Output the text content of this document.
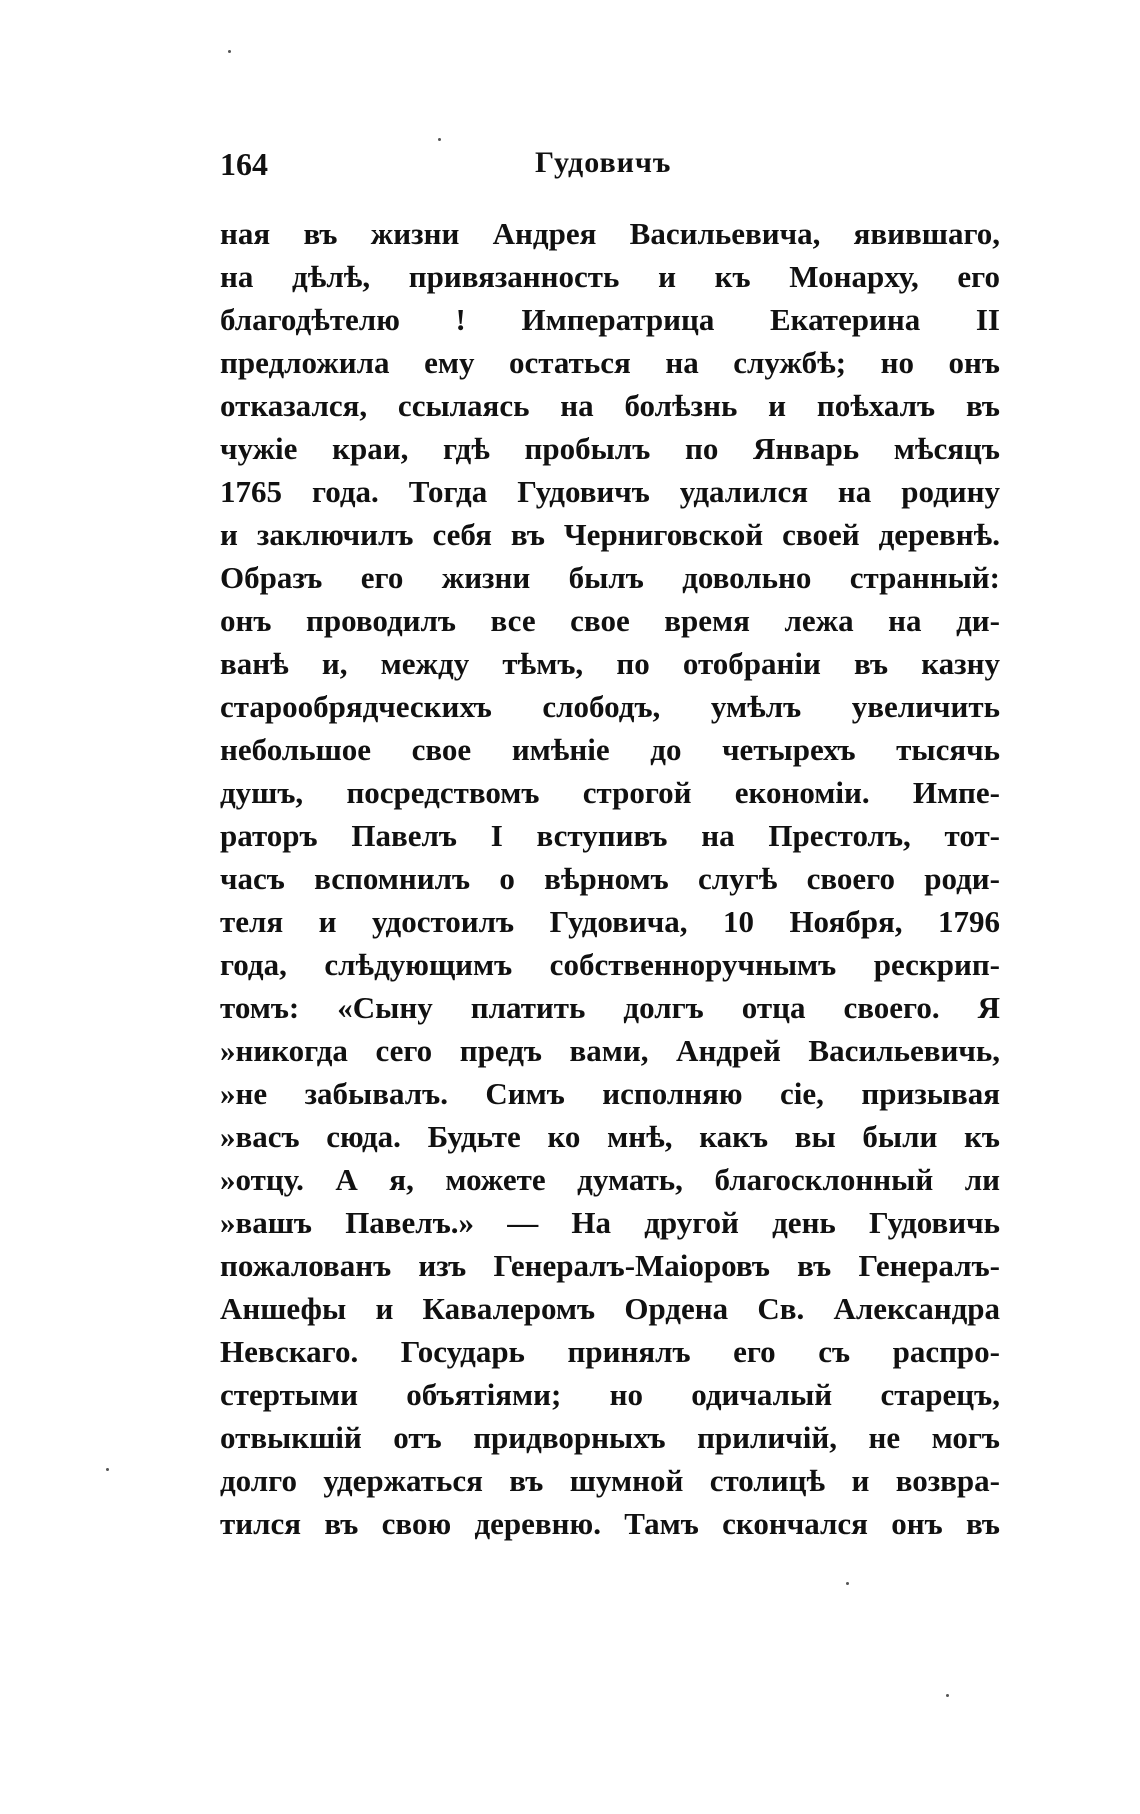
164	Гудовичъ
ная въ жизни Андрея Васильевича, явившаго,
на дѣлѣ, привязанность и къ Монарху, его
благодѣтелю ! Императрица Екатерина II
предложила ему остаться на службѣ; но онъ
отказался, ссылаясь на болѣзнь и поѣхалъ въ
чужіе краи, гдѣ пробылъ по Январь мѣсяцъ
1765 года. Тогда Гудовичъ удалился на родину
и заключилъ себя въ Черниговской своей деревнѣ.
Образъ его жизни былъ довольно странный:
онъ проводилъ все свое время лежа на ди-
ванѣ и, между тѣмъ, по отобраніи въ казну
старообрядческихъ слободъ, умѣлъ увеличить
небольшое свое имѣніе до четырехъ тысячь
душъ, посредствомъ строгой економіи. Импе-
раторъ Павелъ I вступивъ на Престолъ, тот-
часъ вспомнилъ о вѣрномъ слугѣ своего роди-
теля и удостоилъ Гудовича, 10 Ноября, 1796
года, слѣдующимъ собственноручнымъ рескрип-
томъ: «Сыну платить долгъ отца своего. Я
»никогда сего предъ вами, Андрей Васильевичь,
»не забывалъ. Симъ исполняю сіе, призывая
»васъ сюда. Будьте ко мнѣ, какъ вы были къ
»отцу. А я, можете думать, благосклонный ли
»вашъ Павелъ.» — На другой день Гудовичь
пожалованъ изъ Генералъ-Маіоровъ въ Генералъ-
Аншефы и Кавалеромъ Ордена Св. Александра
Невскаго. Государь принялъ его съ распро-
стертыми объятіями; но одичалый старецъ,
отвыкшій отъ придворныхъ приличій, не могъ
долго удержаться въ шумной столицѣ и возвра-
тился въ свою деревню. Тамъ скончался онъ въ
